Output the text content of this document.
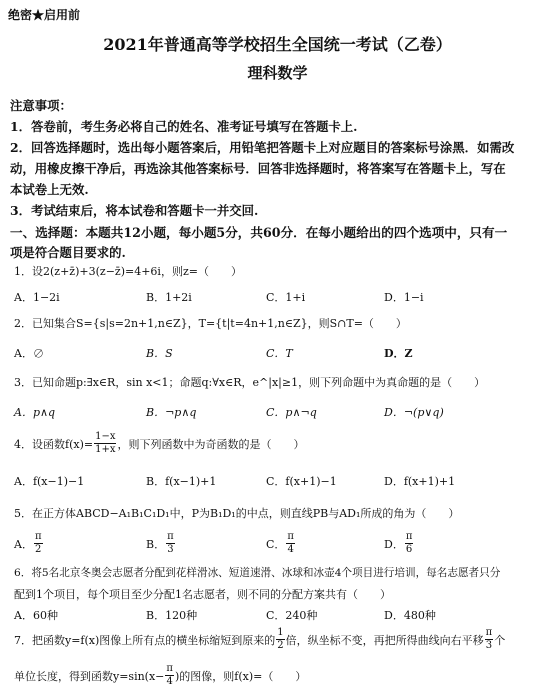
绝密★启用前
2021年普通高等学校招生全国统一考试（乙卷）
理科数学
注意事项：
1．答卷前，考生务必将自己的姓名、准考证号填写在答题卡上.
2．回答选择题时，选出每小题答案后，用铅笔把答题卡上对应题目的答案标号涂黑．如需改
动，用橡皮擦干净后，再选涂其他答案标号．回答非选择题时，将答案写在答题卡上，写在
本试卷上无效.
3．考试结束后，将本试卷和答题卡一并交回.
一、选择题：本题共12小题，每小题5分，共60分．在每小题给出的四个选项中，只有一
项是符合题目要求的.
1．设2(z+z̄)+3(z−z̄)=4+6i，则z=（　　）
A．1−2i	B．1+2i	C．1+i	D．1−i
2．已知集合S={s|s=2n+1,n∈Z}，T={t|t=4n+1,n∈Z}，则S∩T=（　　）
A．∅	B．S	C．T	D．Z
3．已知命题p:∃x∈R，sin x<1；命题q:∀x∈R，e^|x|≥1，则下列命题中为真命题的是（　　）
A．p∧q	B．¬p∧q	C．p∧¬q	D．¬(p∨q)
4．设函数$f(x)= \frac{1-x}{1+x}$ ，则下列函数中为奇函数的是（　　）
A．f(x−1)−1	B．f(x−1)+1	C．f(x+1)−1	D．f(x+1)+1
5．在正方体ABCD−A₁B₁C₁D₁中，P为B₁D₁的中点，则直线PB与AD₁所成的角为（　　）
A． $\frac{\pi}{2}$	B． $\frac{\pi}{3}$	C． $\frac{\pi}{4}$	D． $\frac{\pi}{6}$
6．将5名北京冬奥会志愿者分配到花样滑冰、短道速滑、冰球和冰壶4个项目进行培训，每名志愿者只分
配到1个项目，每个项目至少分配1名志愿者，则不同的分配方案共有（　　）
A．60种	B．120种	C．240种	D．480种
7．把函数y=f(x)图像上所有点的横坐标缩短到原来的 $\frac{1}{2}$ 倍，纵坐标不变，再把所得曲线向右平移 $\frac{\pi}{3}$ 个
单位长度，得到函数$y=\sin(x- \frac{\pi}{4}$ )的图像，则f(x)=（　　）
